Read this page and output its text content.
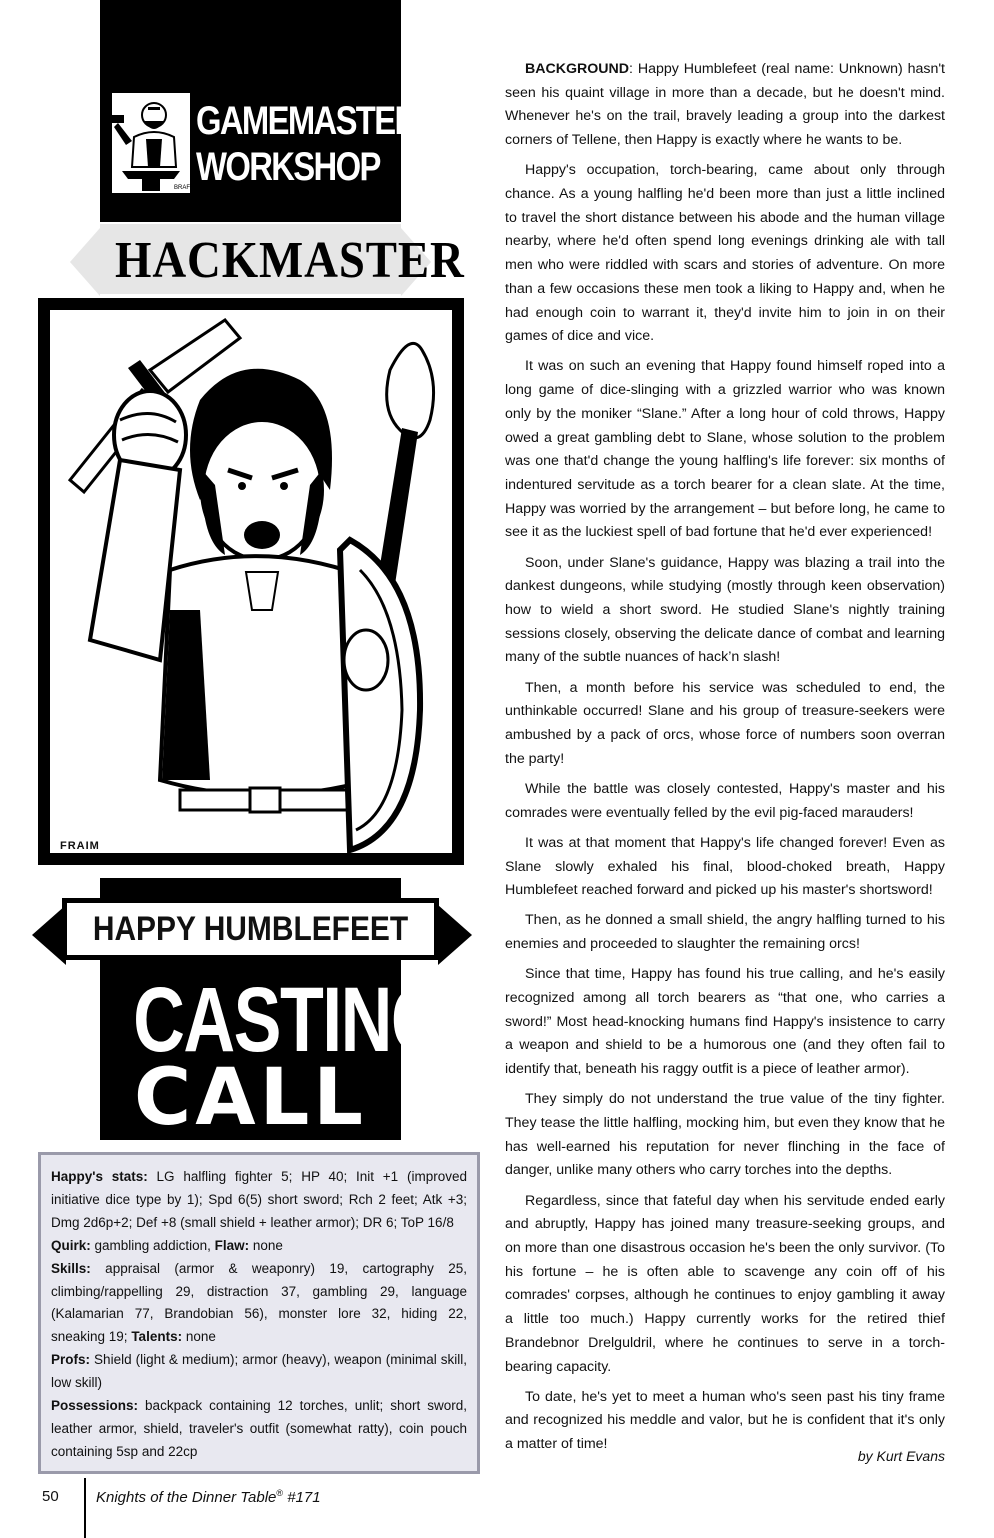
BRAFF
GAMEMASTERS'
WORKSHOP
HACKMASTER
FRAIM
HAPPY HUMBLEFEET
CASTING
CALL

Happy's stats: LG halfling fighter 5; HP 40; Init +1 (improved initiative dice type by 1); Spd 6(5) short sword; Rch 2 feet; Atk +3; Dmg 2d6p+2; Def +8 (small shield + leather armor); DR 6; ToP 16/8

Quirk: gambling addiction, Flaw: none

Skills: appraisal (armor & weaponry) 19, cartography 25, climbing/rappelling 29, distraction 37, gambling 29, language (Kalamarian 77, Brandobian 56), monster lore 32, hiding 22, sneaking 19; Talents: none

Profs: Shield (light & medium); armor (heavy), weapon (minimal skill, low skill)

Possessions: backpack containing 12 torches, unlit; short sword, leather armor, shield, traveler's outfit (somewhat ratty), coin pouch containing 5sp and 22cp

BACKGROUND: Happy Humblefeet (real name: Unknown) hasn't seen his quaint village in more than a decade, but he doesn't mind. Whenever he's on the trail, bravely leading a group into the darkest corners of Tellene, then Happy is exactly where he wants to be.

Happy's occupation, torch-bearing, came about only through chance. As a young halfling he'd been more than just a little inclined to travel the short distance between his abode and the human village nearby, where he'd often spend long evenings drinking ale with tall men who were riddled with scars and stories of adventure. On more than a few occasions these men took a liking to Happy and, when he had enough coin to warrant it, they'd invite him to join in on their games of dice and vice.

It was on such an evening that Happy found himself roped into a long game of dice-slinging with a grizzled warrior who was known only by the moniker “Slane.” After a long hour of cold throws, Happy owed a great gambling debt to Slane, whose solution to the problem was one that'd change the young halfling's life forever: six months of indentured servitude as a torch bearer for a clean slate. At the time, Happy was worried by the arrangement – but before long, he came to see it as the luckiest spell of bad fortune that he'd ever experienced!

Soon, under Slane's guidance, Happy was blazing a trail into the dankest dungeons, while studying (mostly through keen observation) how to wield a short sword. He studied Slane's nightly training sessions closely, observing the delicate dance of combat and learning many of the subtle nuances of hack’n slash!

Then, a month before his service was scheduled to end, the unthinkable occurred! Slane and his group of treasure-seekers were ambushed by a pack of orcs, whose force of numbers soon overran the party!

While the battle was closely contested, Happy's master and his comrades were eventually felled by the evil pig-faced marauders!

It was at that moment that Happy's life changed forever! Even as Slane slowly exhaled his final, blood-choked breath, Happy Humblefeet reached forward and picked up his master's shortsword!

Then, as he donned a small shield, the angry halfling turned to his enemies and proceeded to slaughter the remaining orcs!

Since that time, Happy has found his true calling, and he's easily recognized among all torch bearers as “that one, who carries a sword!” Most head-knocking humans find Happy's insistence to carry a weapon and shield to be a humorous one (and they often fail to identify that, beneath his raggy outfit is a piece of leather armor).

They simply do not understand the true value of the tiny fighter. They tease the little halfling, mocking him, but even they know that he has well-earned his reputation for never flinching in the face of danger, unlike many others who carry torches into the depths.

Regardless, since that fateful day when his servitude ended early and abruptly, Happy has joined many treasure-seeking groups, and on more than one disastrous occasion he's been the only survivor. (To his fortune – he is often able to scavenge any coin off of his comrades' corpses, although he continues to enjoy gambling it away a little too much.) Happy currently works for the retired thief Brandebnor Drelguldril, where he continues to serve in a torch-bearing capacity.

To date, he's yet to meet a human who's seen past his tiny frame and recognized his meddle and valor, but he is confident that it's only a matter of time!

by Kurt Evans
50 Knights of the Dinner Table® #171
